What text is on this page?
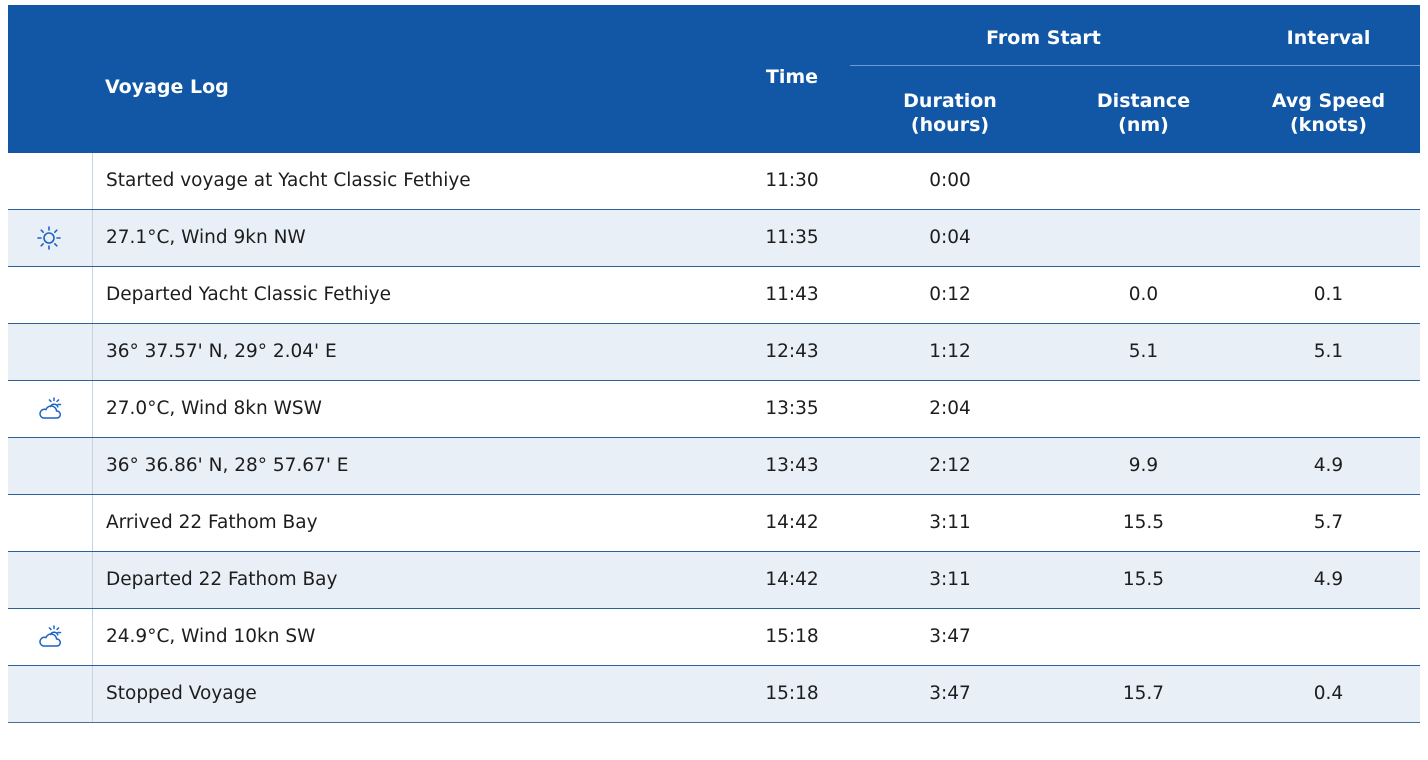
Voyage Log	Time
From Start	Interval
Duration
(hours)
Distance
(nm)
Avg Speed
(knots)
Started voyage at Yacht Classic Fethiye	11:30	0:00
27.1°C, Wind 9kn NW	11:35	0:04
Departed Yacht Classic Fethiye	11:43	0:12	0.0	0.1
36° 37.57' N, 29° 2.04' E	12:43	1:12	5.1	5.1
27.0°C, Wind 8kn WSW	13:35	2:04
36° 36.86' N, 28° 57.67' E	13:43	2:12	9.9	4.9
Arrived 22 Fathom Bay	14:42	3:11	15.5	5.7
Departed 22 Fathom Bay	14:42	3:11	15.5	4.9
24.9°C, Wind 10kn SW	15:18	3:47
Stopped Voyage	15:18	3:47	15.7	0.4
